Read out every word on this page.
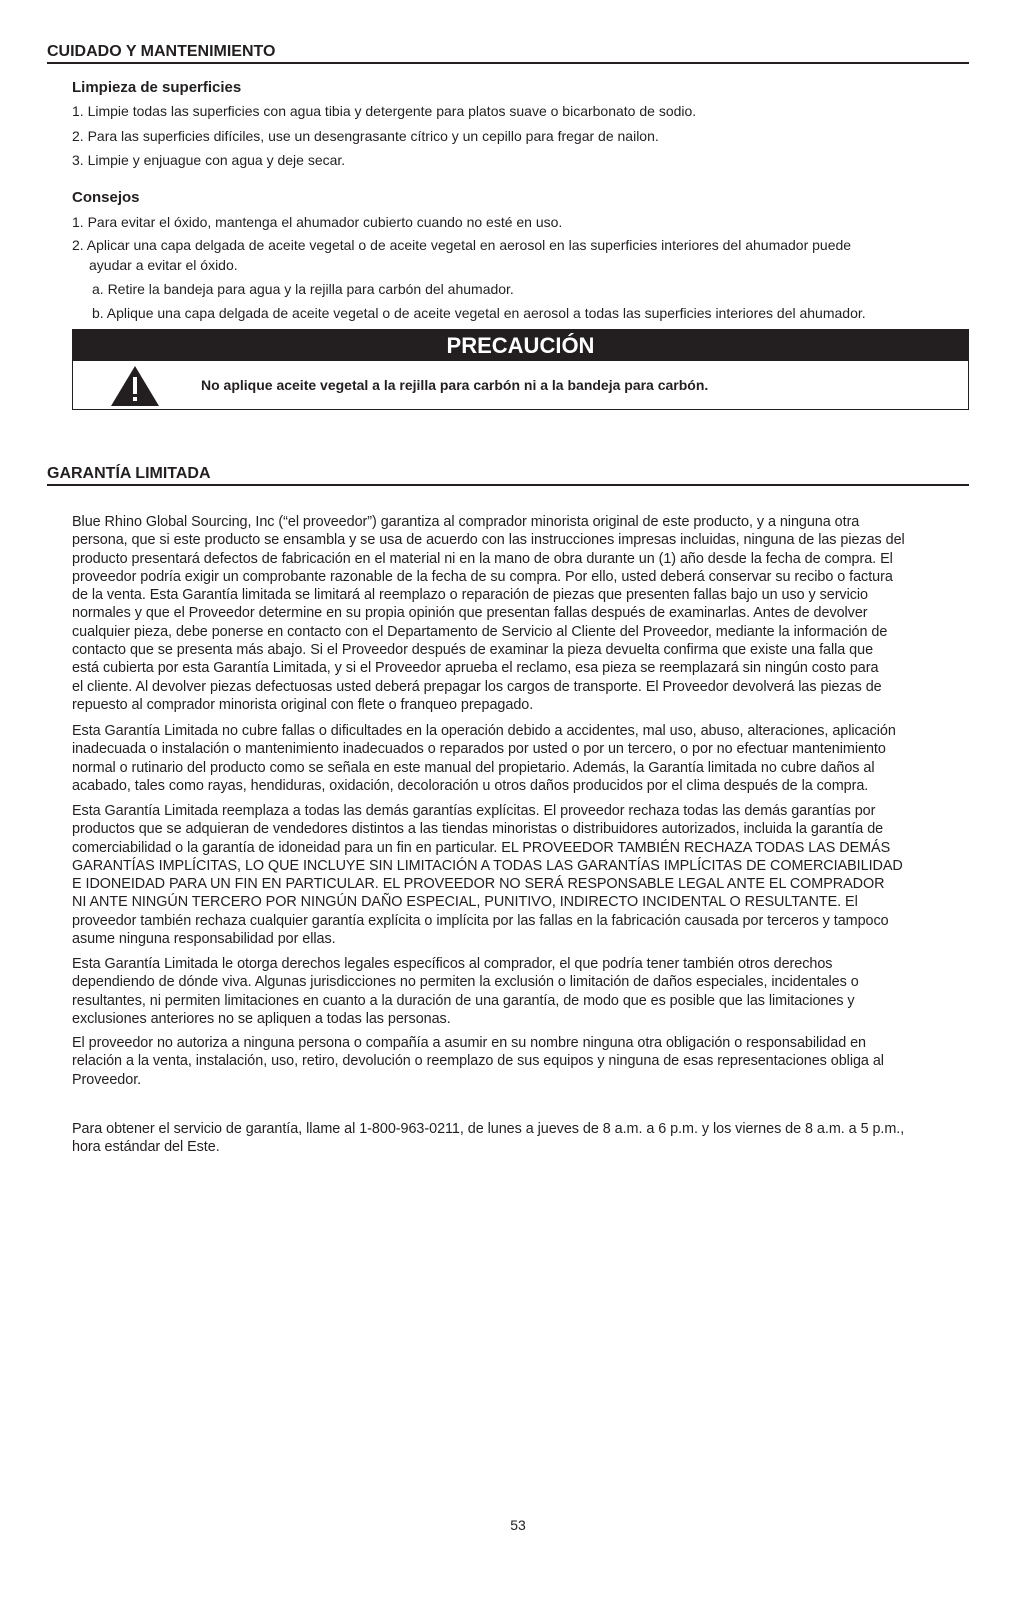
CUIDADO Y MANTENIMIENTO
Limpieza de superficies
1. Limpie todas las superficies con agua tibia y detergente para platos suave o bicarbonato de sodio.
2. Para las superficies difíciles, use un desengrasante cítrico y un cepillo para fregar de nailon.
3. Limpie y enjuague con agua y deje secar.
Consejos
1. Para evitar el óxido, mantenga el ahumador cubierto cuando no esté en uso.
2. Aplicar una capa delgada de aceite vegetal o de aceite vegetal en aerosol en las superficies interiores del ahumador puede
ayudar a evitar el óxido.
a. Retire la bandeja para agua y la rejilla para carbón del ahumador.
b. Aplique una capa delgada de aceite vegetal o de aceite vegetal en aerosol a todas las superficies interiores del ahumador.
PRECAUCIÓN
No aplique aceite vegetal a la rejilla para carbón ni a la bandeja para carbón.
GARANTÍA LIMITADA
Blue Rhino Global Sourcing, Inc (“el proveedor”) garantiza al comprador minorista original de este producto, y a ninguna otra
persona, que si este producto se ensambla y se usa de acuerdo con las instrucciones impresas incluidas, ninguna de las piezas del
producto presentará defectos de fabricación en el material ni en la mano de obra durante un (1) año desde la fecha de compra. El
proveedor podría exigir un comprobante razonable de la fecha de su compra. Por ello, usted deberá conservar su recibo o factura
de la venta. Esta Garantía limitada se limitará al reemplazo o reparación de piezas que presenten fallas bajo un uso y servicio
normales y que el Proveedor determine en su propia opinión que presentan fallas después de examinarlas. Antes de devolver
cualquier pieza, debe ponerse en contacto con el Departamento de Servicio al Cliente del Proveedor, mediante la información de
contacto que se presenta más abajo. Si el Proveedor después de examinar la pieza devuelta confirma que existe una falla que
está cubierta por esta Garantía Limitada, y si el Proveedor aprueba el reclamo, esa pieza se reemplazará sin ningún costo para
el cliente. Al devolver piezas defectuosas usted deberá prepagar los cargos de transporte. El Proveedor devolverá las piezas de
repuesto al comprador minorista original con flete o franqueo prepagado.
Esta Garantía Limitada no cubre fallas o dificultades en la operación debido a accidentes, mal uso, abuso, alteraciones, aplicación
inadecuada o instalación o mantenimiento inadecuados o reparados por usted o por un tercero, o por no efectuar mantenimiento
normal o rutinario del producto como se señala en este manual del propietario. Además, la Garantía limitada no cubre daños al
acabado, tales como rayas, hendiduras, oxidación, decoloración u otros daños producidos por el clima después de la compra.
Esta Garantía Limitada reemplaza a todas las demás garantías explícitas. El proveedor rechaza todas las demás garantías por
productos que se adquieran de vendedores distintos a las tiendas minoristas o distribuidores autorizados, incluida la garantía de
comerciabilidad o la garantía de idoneidad para un fin en particular. EL PROVEEDOR TAMBIÉN RECHAZA TODAS LAS DEMÁS
GARANTÍAS IMPLÍCITAS, LO QUE INCLUYE SIN LIMITACIÓN A TODAS LAS GARANTÍAS IMPLÍCITAS DE COMERCIABILIDAD
E IDONEIDAD PARA UN FIN EN PARTICULAR. EL PROVEEDOR NO SERÁ RESPONSABLE LEGAL ANTE EL COMPRADOR
NI ANTE NINGÚN TERCERO POR NINGÚN DAÑO ESPECIAL, PUNITIVO, INDIRECTO INCIDENTAL O RESULTANTE. El
proveedor también rechaza cualquier garantía explícita o implícita por las fallas en la fabricación causada por terceros y tampoco
asume ninguna responsabilidad por ellas.
Esta Garantía Limitada le otorga derechos legales específicos al comprador, el que podría tener también otros derechos
dependiendo de dónde viva. Algunas jurisdicciones no permiten la exclusión o limitación de daños especiales, incidentales o
resultantes, ni permiten limitaciones en cuanto a la duración de una garantía, de modo que es posible que las limitaciones y
exclusiones anteriores no se apliquen a todas las personas.
El proveedor no autoriza a ninguna persona o compañía a asumir en su nombre ninguna otra obligación o responsabilidad en
relación a la venta, instalación, uso, retiro, devolución o reemplazo de sus equipos y ninguna de esas representaciones obliga al
Proveedor.
Para obtener el servicio de garantía, llame al 1-800-963-0211, de lunes a jueves de 8 a.m. a 6 p.m. y los viernes de 8 a.m. a 5 p.m.,
hora estándar del Este.
53
